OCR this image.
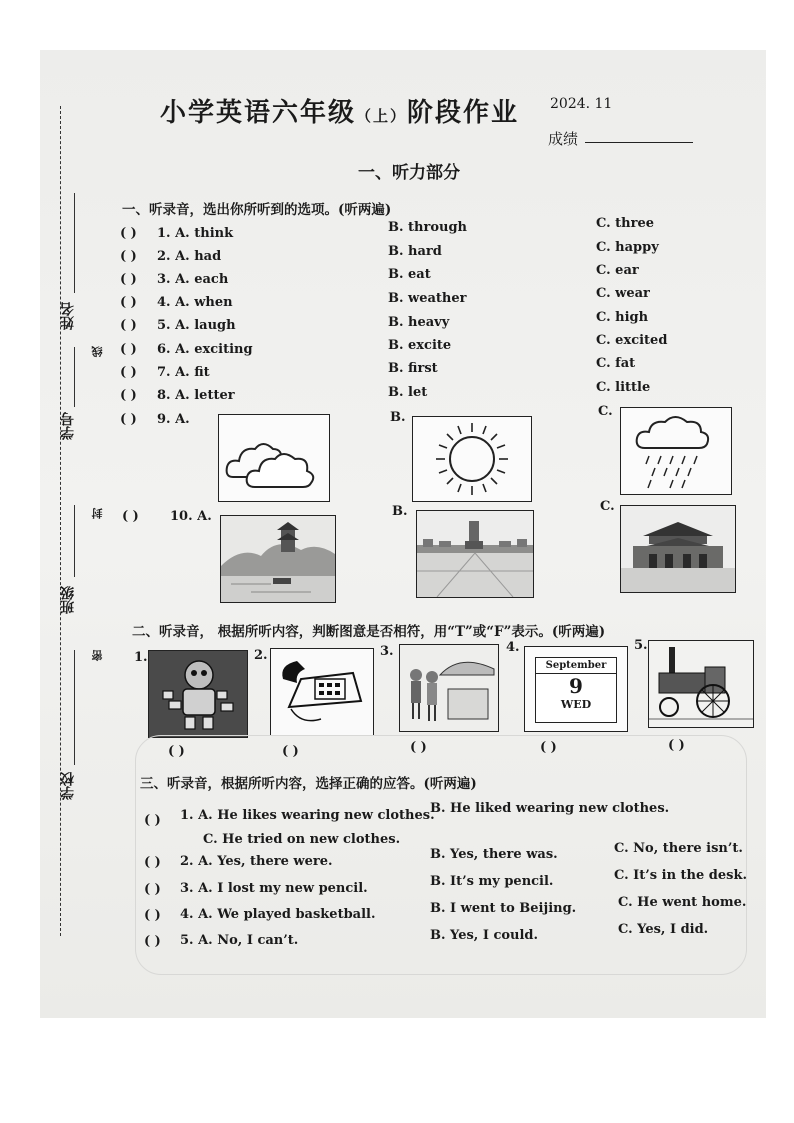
小学英语六年级（上）阶段作业 2024. 11
成绩
一、听力部分
姓名
线
学号
封
班级
密
学校
一、听录音，选出你所听到的选项。(听两遍)
( ) 1. A. think	B. through	C. three
( ) 2. A. had	B. hard	C. happy
( ) 3. A. each	B. eat	C. ear
( ) 4. A. when	B. weather	C. wear
( ) 5. A. laugh	B. heavy	C. high
( ) 6. A. exciting	B. excite	C. excited
( ) 7. A. fit	B. first	C. fat
( ) 8. A. letter	B. let	C. little
( ) 9. A.	B.	C.
( ) 10. A.	B.	C.
二、听录音， 根据所听内容，判断图意是否相符，用“T”或“F”表示。(听两遍)
1.
( )
2.
( )
3.
( )
4.
September
9
WED
( )
5.
( )
三、听录音，根据所听内容，选择正确的应答。(听两遍)
( ) 1. A. He likes wearing new clothes.
B. He liked wearing new clothes.
C. He tried on new clothes.
( ) 2. A. Yes, there were.	B. Yes, there was.	C. No, there isn’t.
( ) 3. A. I lost my new pencil.	B. It’s my pencil.	C. It’s in the desk.
( ) 4. A. We played basketball.	B. I went to Beijing.	C. He went home.
( ) 5. A. No, I can’t.	B. Yes, I could.	C. Yes, I did.
